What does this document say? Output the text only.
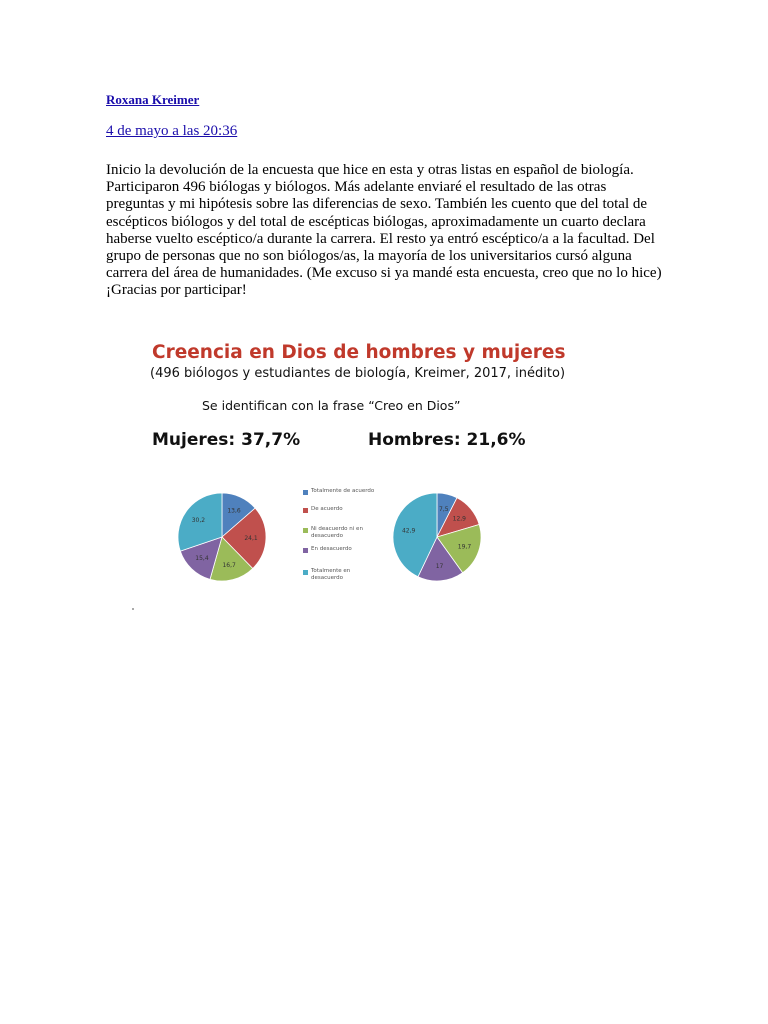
Roxana Kreimer
4 de mayo a las 20:36

Inicio la devolución de la encuesta que hice en esta y otras listas en español de biología. Participaron 496 biólogas y biólogos. Más adelante enviaré el resultado de las otras preguntas y mi hipótesis sobre las diferencias de sexo. También les cuento que del total de escépticos biólogos y del total de escépticas biólogas, aproximadamente un cuarto declara haberse vuelto escéptico/a durante la carrera. El resto ya entró escéptico/a a la facultad. Del grupo de personas que no son biólogos/as, la mayoría de los universitarios cursó alguna carrera del área de humanidades. (Me excuso si ya mandé esta encuesta, creo que no lo hice) ¡Gracias por participar!

Creencia en Dios de hombres y mujeres
(496 biólogos y estudiantes de biología, Kreimer, 2017, inédito)
Se identifican con la frase “Creo en Dios”
Mujeres: 37,7%	Hombres: 21,6%
13,6
24,1
16,7
15,4
30,2
7,5
12,9
19,7
17
42,9
Totalmente de acuerdo
De acuerdo
Ni deacuerdo ni en desacuerdo
En desacuerdo
Totalmente en desacuerdo
